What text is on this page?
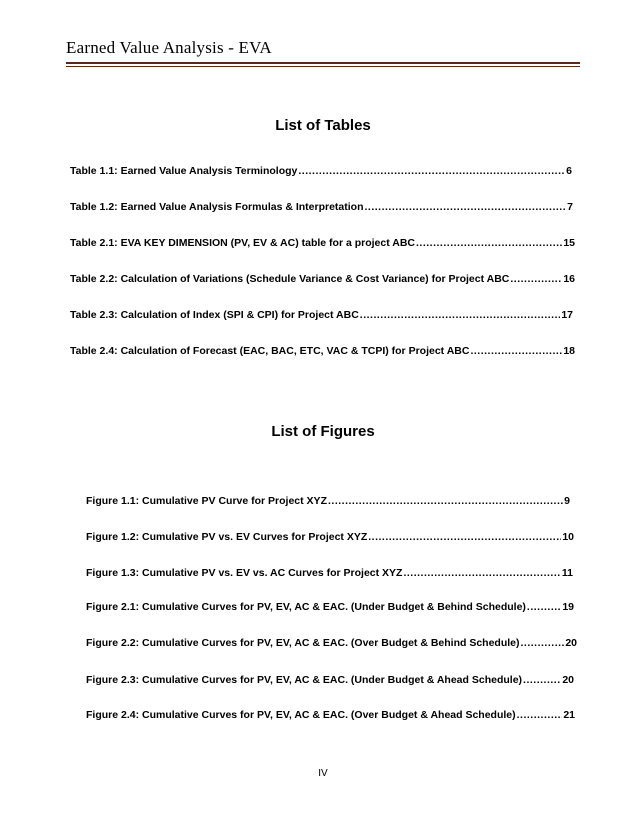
Earned Value Analysis - EVA
List of Tables
Table 1.1: Earned Value Analysis Terminology .....	6
Table 1.2: Earned Value Analysis Formulas & Interpretation .....	7
Table 2.1: EVA KEY DIMENSION (PV, EV & AC) table for a project ABC .....	15
Table 2.2: Calculation of Variations (Schedule Variance & Cost Variance) for Project ABC .....	16
Table 2.3: Calculation of Index (SPI & CPI) for Project ABC .....	17
Table 2.4: Calculation of Forecast (EAC, BAC, ETC, VAC & TCPI) for Project ABC .....	18
List of Figures
Figure 1.1: Cumulative PV Curve for Project XYZ .....	9
Figure 1.2: Cumulative PV vs. EV Curves for Project XYZ .....	10
Figure 1.3: Cumulative PV vs. EV vs. AC Curves for Project XYZ .....	11
Figure 2.1: Cumulative Curves for PV, EV, AC & EAC. (Under Budget & Behind Schedule) .....	19
Figure 2.2: Cumulative Curves for PV, EV, AC & EAC. (Over Budget & Behind Schedule) .....	20
Figure 2.3: Cumulative Curves for PV, EV, AC & EAC. (Under Budget & Ahead Schedule) .....	20
Figure 2.4: Cumulative Curves for PV, EV, AC & EAC. (Over Budget & Ahead Schedule) .....	21
IV
